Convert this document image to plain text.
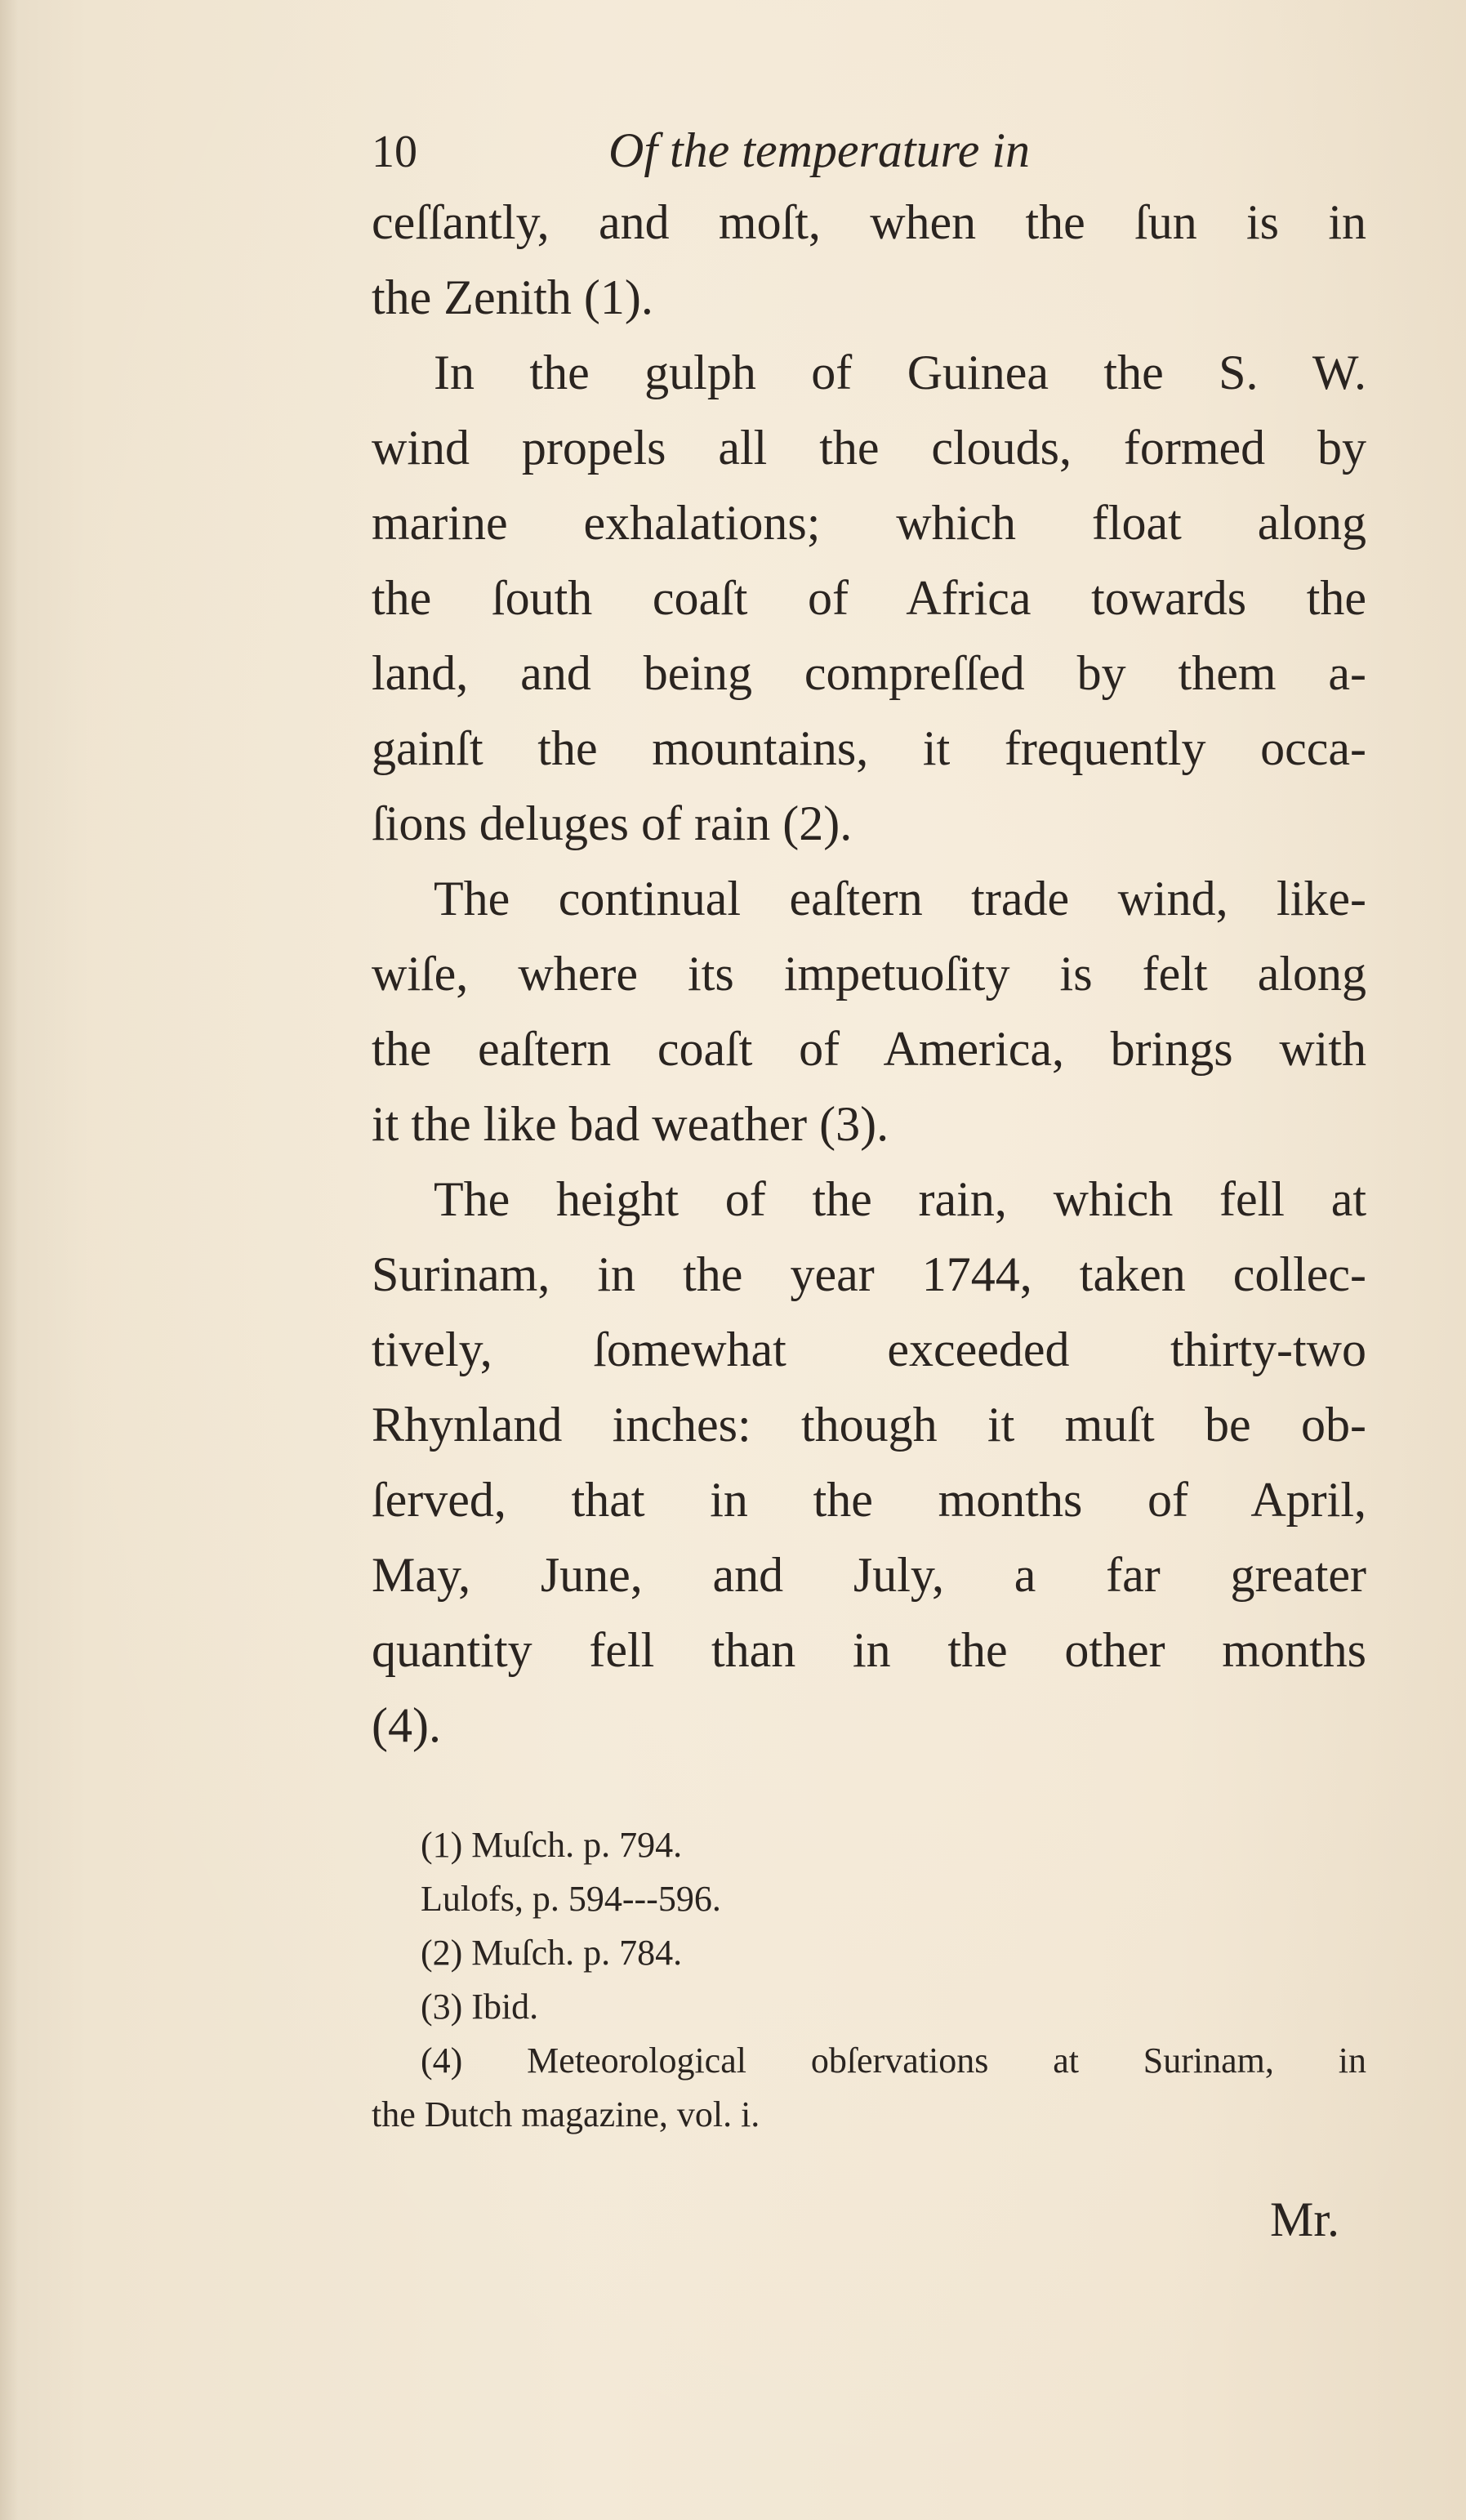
10	Of the temperature in
ceſſantly, and moſt, when the ſun is in
the Zenith (1).
In the gulph of Guinea the S. W.
wind propels all the clouds, formed by
marine exhalations; which float along
the ſouth coaſt of Africa towards the
land, and being compreſſed by them a-
gainſt the mountains, it frequently occa-
ſions deluges of rain (2).
The continual eaſtern trade wind, like-
wiſe, where its impetuoſity is felt along
the eaſtern coaſt of America, brings with
it the like bad weather (3).
The height of the rain, which fell at
Surinam, in the year 1744, taken collec-
tively, ſomewhat exceeded thirty-two
Rhynland inches: though it muſt be ob-
ſerved, that in the months of April,
May, June, and July, a far greater
quantity fell than in the other months
(4).
(1) Muſch. p. 794.
Lulofs, p. 594---596.
(2) Muſch. p. 784.
(3) Ibid.
(4) Meteorological obſervations at Surinam, in
the Dutch magazine, vol. i.
Mr.
